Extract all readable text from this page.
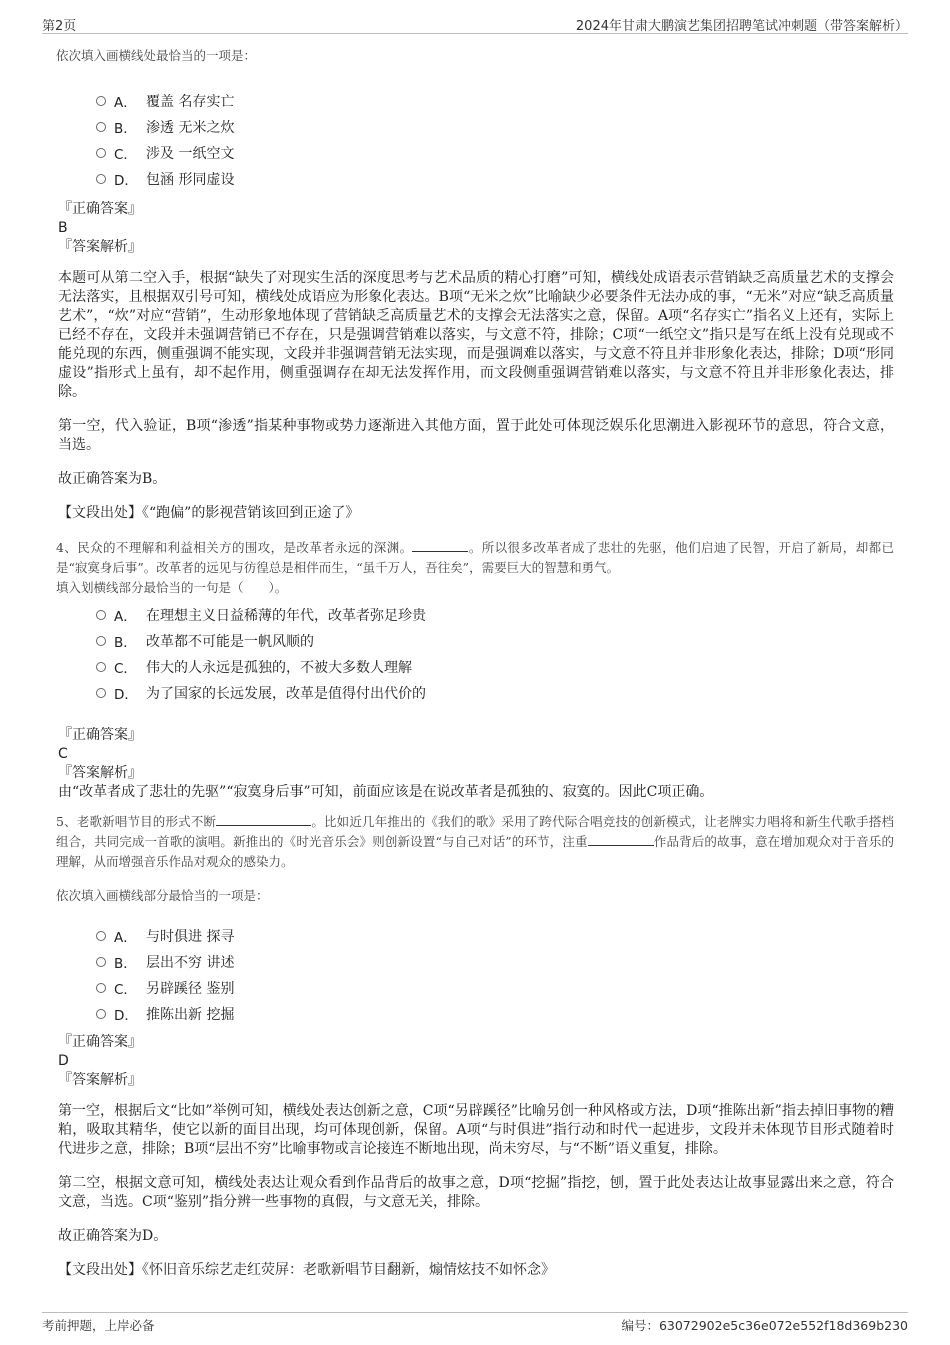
第2页	2024年甘肃大鹏演艺集团招聘笔试冲刺题（带答案解析）
依次填入画横线处最恰当的一项是：
A． 覆盖 名存实亡
B． 渗透 无米之炊
C． 涉及 一纸空文
D． 包涵 形同虚设
『正确答案』
B
『答案解析』
本题可从第二空入手，根据“缺失了对现实生活的深度思考与艺术品质的精心打磨”可知，横线处成语表示营销缺乏高质量艺术的支撑会无法落实，且根据双引号可知，横线处成语应为形象化表达。B项“无米之炊”比喻缺少必要条件无法办成的事，“无米”对应“缺乏高质量艺术”，“炊”对应“营销”，生动形象地体现了营销缺乏高质量艺术的支撑会无法落实之意，保留。A项“名存实亡”指名义上还有，实际上已经不存在，文段并未强调营销已不存在，只是强调营销难以落实，与文意不符，排除；C项“一纸空文”指只是写在纸上没有兑现或不能兑现的东西，侧重强调不能实现，文段并非强调营销无法实现，而是强调难以落实，与文意不符且并非形象化表达，排除；D项“形同虚设”指形式上虽有，却不起作用，侧重强调存在却无法发挥作用，而文段侧重强调营销难以落实，与文意不符且并非形象化表达，排除。
第一空，代入验证，B项“渗透”指某种事物或势力逐渐进入其他方面，置于此处可体现泛娱乐化思潮进入影视环节的意思，符合文意，当选。
故正确答案为B。
【文段出处】《“跑偏”的影视营销该回到正途了》
4、民众的不理解和利益相关方的围攻，是改革者永远的深渊。	。所以很多改革者成了悲壮的先驱，他们启迪了民智，开启了新局，却都已是“寂寞身后事”。改革者的远见与彷徨总是相伴而生，“虽千万人，吾往矣”，需要巨大的智慧和勇气。
填入划横线部分最恰当的一句是（　　）。
A． 在理想主义日益稀薄的年代，改革者弥足珍贵
B． 改革都不可能是一帆风顺的
C． 伟大的人永远是孤独的，不被大多数人理解
D． 为了国家的长远发展，改革是值得付出代价的
『正确答案』
C
『答案解析』
由“改革者成了悲壮的先驱”“寂寞身后事”可知，前面应该是在说改革者是孤独的、寂寞的。因此C项正确。
5、老歌新唱节目的形式不断	。比如近几年推出的《我们的歌》采用了跨代际合唱竞技的创新模式，让老牌实力唱将和新生代歌手搭档组合，共同完成一首歌的演唱。新推出的《时光音乐会》则创新设置“与自己对话”的环节，注重	作品背后的故事，意在增加观众对于音乐的理解，从而增强音乐作品对观众的感染力。
依次填入画横线部分最恰当的一项是：
A． 与时俱进 探寻
B． 层出不穷 讲述
C． 另辟蹊径 鉴别
D． 推陈出新 挖掘
『正确答案』
D
『答案解析』
第一空，根据后文“比如”举例可知，横线处表达创新之意，C项“另辟蹊径”比喻另创一种风格或方法，D项“推陈出新”指去掉旧事物的糟粕，吸取其精华，使它以新的面目出现，均可体现创新，保留。A项“与时俱进”指行动和时代一起进步，文段并未体现节目形式随着时代进步之意，排除；B项“层出不穷”比喻事物或言论接连不断地出现，尚未穷尽，与“不断”语义重复，排除。
第二空，根据文意可知，横线处表达让观众看到作品背后的故事之意，D项“挖掘”指挖，刨，置于此处表达让故事显露出来之意，符合文意，当选。C项“鉴别”指分辨一些事物的真假，与文意无关，排除。
故正确答案为D。
【文段出处】《怀旧音乐综艺走红荧屏：老歌新唱节目翻新，煽情炫技不如怀念》
考前押题，上岸必备	编号：63072902e5c36e072e552f18d369b230
